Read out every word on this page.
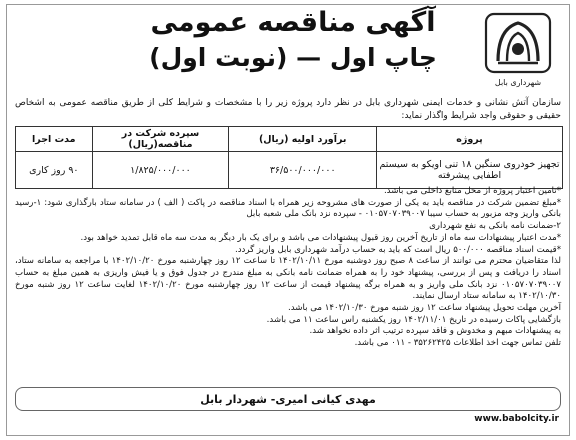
شهرداری بابل
آگهی مناقصه عمومی
(نوبت اول) — چاپ اول
سازمان آتش نشانی و خدمات ایمنی شهرداری بابل در نظر دارد پروژه زیر را با مشخصات و شرایط کلی از طریق مناقصه عمومی به اشخاص حقیقی و حقوقی واجد شرایط واگذار نماید:
پروژه	برآورد اولیه (ریال)	سپرده شرکت در مناقصه(ریال)	مدت اجرا
تجهیز خودروی سنگین ۱۸ تنی اویکو به سیستم اطفایی پیشرفته	۳۶/۵۰۰/۰۰۰/۰۰۰	۱/۸۲۵/۰۰۰/۰۰۰	۹۰ روز کاری

*تامین اعتبار پروژه از محل منابع داخلی می باشد.

*مبلغ تضمین شرکت در مناقصه باید به یکی از صورت های مشروحه زیر همراه با اسناد مناقصه در پاکت ( الف ) در سامانه ستاد بارگذاری شود: ۱-رسید بانکی واریز وجه مزبور به حساب سیبا ۰۱۰۵۷۰۷۰۳۹۰۰۷ - سپرده نزد بانک ملی شعبه بابل

۲-ضمانت نامه بانکی به نفع شهرداری

*مدت اعتبار پیشنهادات سه ماه از تاریخ آخرین روز قبول پیشنهادات می باشد و برای یک بار دیگر به مدت سه ماه قابل تمدید خواهد بود.

*قیمت اسناد مناقصه ۵۰۰/۰۰۰ ریال است که باید به حساب درآمد شهرداری بابل واریز گردد.

لذا متقاضیان محترم می توانند از ساعت ۸ صبح روز دوشنبه مورخ ۱۴۰۲/۱۰/۱۱ تا ساعت ۱۲ روز چهارشنبه مورخ ۱۴۰۲/۱۰/۲۰ با مراجعه به سامانه ستاد، اسناد را دریافت و پس از بررسی، پیشنهاد خود را به همراه ضمانت نامه بانکی به مبلغ مندرج در جدول فوق و یا فیش واریزی به همین مبلغ به حساب ۰۱۰۵۷۰۷۰۳۹۰۰۷ نزد بانک ملی واریز و به همراه برگه پیشنهاد قیمت از ساعت ۱۲ روز چهارشنبه مورخ ۱۴۰۲/۱۰/۲۰ لغایت ساعت ۱۲ روز شنبه مورخ ۱۴۰۲/۱۰/۳۰ به سامانه ستاد ارسال نمایند.

آخرین مهلت تحویل پیشنهاد ساعت ۱۲ روز شنبه مورخ ۱۴۰۲/۱۰/۳۰ می باشد.

بازگشایی پاکات رسیده در تاریخ ۱۴۰۲/۱۱/۰۱ روز یکشنبه راس ساعت ۱۱ می باشد.

به پیشنهادات مبهم و مخدوش و فاقد سپرده ترتیب اثر داده نخواهد شد.

تلفن تماس جهت اخذ اطلاعات ۳۵۲۶۲۴۲۵ - ۰۱۱ می باشد.

مهدی کیانی امیری- شهردار بابل
www.babolcity.ir
